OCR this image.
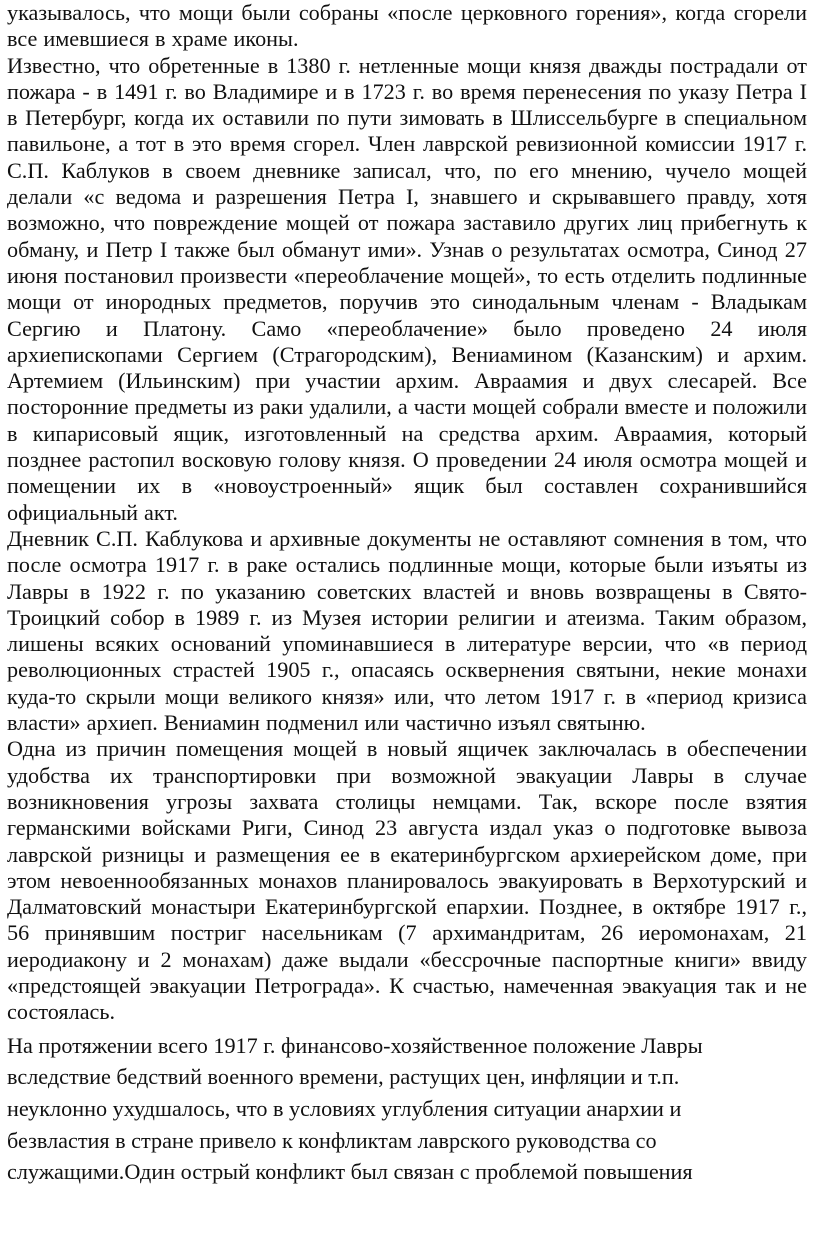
указывалось, что мощи были собраны «после церковного горения», когда сгорели все имевшиеся в храме иконы.

Известно, что обретенные в 1380 г. нетленные мощи князя дважды пострадали от пожара - в 1491 г. во Владимире и в 1723 г. во время перенесения по указу Петра I в Петербург, когда их оставили по пути зимовать в Шлиссельбурге в специальном павильоне, а тот в это время сгорел. Член лаврской ревизионной комиссии 1917 г. С.П. Каблуков в своем дневнике записал, что, по его мнению, чучело мощей делали «с ведома и разрешения Петра I, знавшего и скрывавшего правду, хотя возможно, что повреждение мощей от пожара заставило других лиц прибегнуть к обману, и Петр I также был обманут ими». Узнав о результатах осмотра, Синод 27 июня постановил произвести «переоблачение мощей», то есть отделить подлинные мощи от инородных предметов, поручив это синодальным членам - Владыкам Сергию и Платону. Само «переоблачение» было проведено 24 июля архиепископами Сергием (Страгородским), Вениамином (Казанским) и архим. Артемием (Ильинским) при участии архим. Авраамия и двух слесарей. Все посторонние предметы из раки удалили, а части мощей собрали вместе и положили в кипарисовый ящик, изготовленный на средства архим. Авраамия, который позднее растопил восковую голову князя. О проведении 24 июля осмотра мощей и помещении их в «новоустроенный» ящик был составлен сохранившийся официальный акт.

Дневник С.П. Каблукова и архивные документы не оставляют сомнения в том, что после осмотра 1917 г. в раке остались подлинные мощи, которые были изъяты из Лавры в 1922 г. по указанию советских властей и вновь возвращены в Свято-Троицкий собор в 1989 г. из Музея истории религии и атеизма. Таким образом, лишены всяких оснований упоминавшиеся в литературе версии, что «в период революционных страстей 1905 г., опасаясь осквернения святыни, некие монахи куда-то скрыли мощи великого князя» или, что летом 1917 г. в «период кризиса власти» архиеп. Вениамин подменил или частично изъял святыню.

Одна из причин помещения мощей в новый ящичек заключалась в обеспечении удобства их транспортировки при возможной эвакуации Лавры в случае возникновения угрозы захвата столицы немцами. Так, вскоре после взятия германскими войсками Риги, Синод 23 августа издал указ о подготовке вывоза лаврской ризницы и размещения ее в екатеринбургском архиерейском доме, при этом невоеннообязанных монахов планировалось эвакуировать в Верхотурский и Далматовский монастыри Екатеринбургской епархии. Позднее, в октябре 1917 г., 56 принявшим постриг насельникам (7 архимандритам, 26 иеромонахам, 21 иеродиакону и 2 монахам) даже выдали «бессрочные паспортные книги» ввиду «предстоящей эвакуации Петрограда». К счастью, намеченная эвакуация так и не состоялась.

На протяжении всего 1917 г. финансово-хозяйственное положение Лавры
вследствие бедствий военного времени, растущих цен, инфляции и т.п.
неуклонно ухудшалось, что в условиях углубления ситуации анархии и
безвластия в стране привело к конфликтам лаврского руководства со
служащими.Один острый конфликт был связан с проблемой повышения
